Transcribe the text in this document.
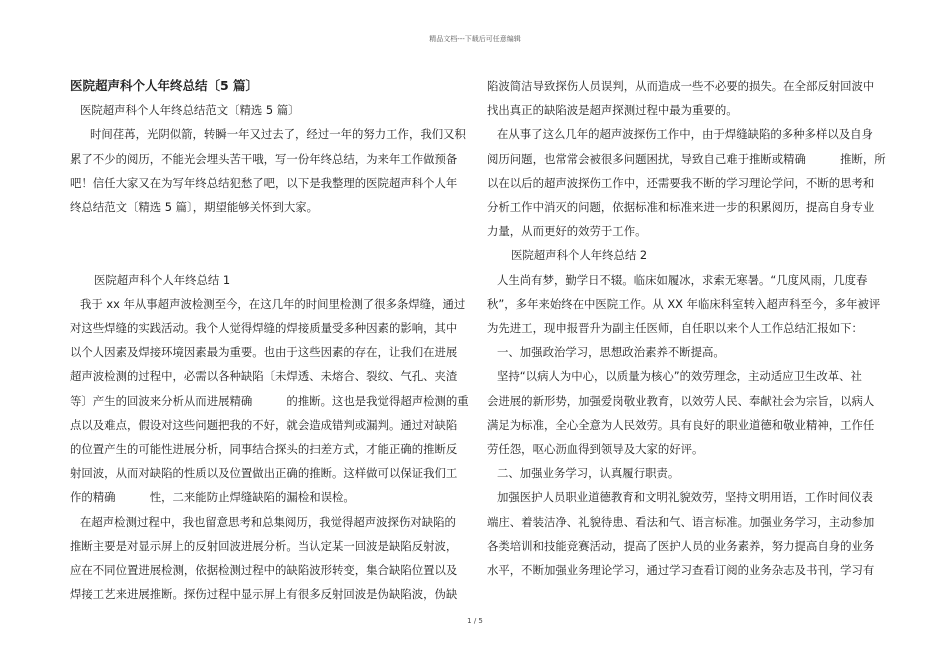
精品文档---下载后可任意编辑

医院超声科个人年终总结〔5 篇〕

医院超声科个人年终总结范文〔精选 5 篇〕

时间荏苒，光阴似箭，转瞬一年又过去了，经过一年的努力工作，我们又积

累了不少的阅历，不能光会埋头苦干哦，写一份年终总结，为来年工作做预备

吧！信任大家又在为写年终总结犯愁了吧，以下是我整理的医院超声科个人年

终总结范文〔精选 5 篇〕，期望能够关怀到大家。

医院超声科个人年终总结 1

我于 xx 年从事超声波检测至今，在这几年的时间里检测了很多条焊缝，通过

对这些焊缝的实践活动。我个人觉得焊缝的焊接质量受多种因素的影响，其中

以个人因素及焊接环境因素最为重要。也由于这些因素的存在，让我们在进展

超声波检测的过程中，必需以各种缺陷〔未焊透、未熔合、裂纹、气孔、夹渣

等〕产生的回波来分析从而进展精确　　　的推断。这也是我觉得超声检测的重

点以及难点，假设对这些问题把我的不好，就会造成错判或漏判。通过对缺陷

的位置产生的可能性进展分析，同事结合探头的扫差方式，才能正确的推断反

射回波，从而对缺陷的性质以及位置做出正确的推断。这样做可以保证我们工

作的精确　　　性，二来能防止焊缝缺陷的漏检和误检。

在超声检测过程中，我也留意思考和总集阅历，我觉得超声波探伤对缺陷的

推断主要是对显示屏上的反射回波进展分析。当认定某一回波是缺陷反射波，

应在不同位置进展检测，依据检测过程中的缺陷波形转变，集合缺陷位置以及

焊接工艺来进展推断。探伤过程中显示屏上有很多反射回波是伪缺陷波，伪缺

陷波简洁导致探伤人员误判，从而造成一些不必要的损失。在全部反射回波中

找出真正的缺陷波是超声探测过程中最为重要的。

在从事了这么几年的超声波探伤工作中，由于焊缝缺陷的多种多样以及自身

阅历问题，也常常会被很多问题困扰，导致自己难于推断或精确　　　推断，所

以在以后的超声波探伤工作中，还需要我不断的学习理论学问，不断的思考和

分析工作中消灭的问题，依据标准和标准来进一步的积累阅历，提高自身专业

力量，从而更好的效劳于工作。

医院超声科个人年终总结 2

人生尚有梦，勤学日不辍。临床如履冰，求索无寒暑。“几度风雨，几度春

秋”，多年来始终在中医院工作。从 XX 年临床科室转入超声科至今，多年被评

为先进工，现申报晋升为副主任医师，自任职以来个人工作总结汇报如下：

一、加强政治学习，思想政治素养不断提高。

坚持“以病人为中心，以质量为核心”的效劳理念，主动适应卫生改革、社

会进展的新形势，加强爱岗敬业教育，以效劳人民、奉献社会为宗旨，以病人

满足为标准，全心全意为人民效劳。具有良好的职业道德和敬业精神，工作任

劳任怨，呕心沥血得到领导及大家的好评。

二、加强业务学习，认真履行职责。

加强医护人员职业道德教育和文明礼貌效劳，坚持文明用语，工作时间仪表

端庄、着装洁净、礼貌待患、看法和气、语言标准。加强业务学习，主动参加

各类培训和技能竞赛活动，提高了医护人员的业务素养，努力提高自身的业务

水平，不断加强业务理论学习，通过学习查看订阅的业务杂志及书刊，学习有

1 / 5
